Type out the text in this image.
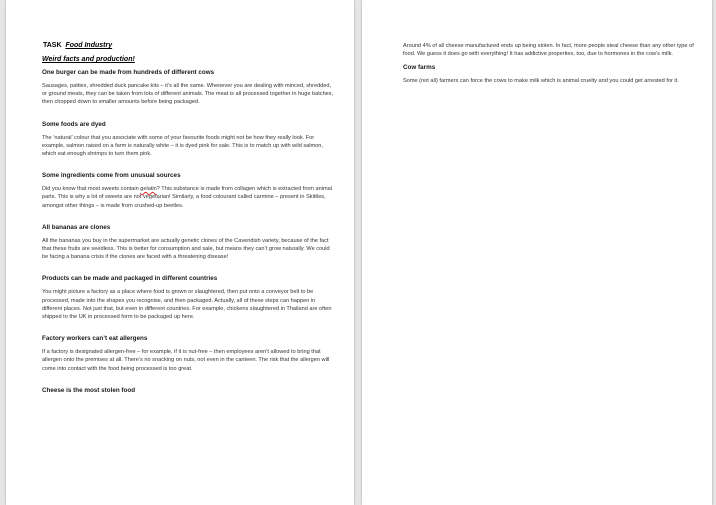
TASK Food Industry

Weird facts and production!

One burger can be made from hundreds of different cows

Sausages, patties, shredded duck pancake kits – it’s all the same. Whenever you are dealing with minced, shredded, or ground meats, they can be taken from lots of different animals. The meat is all processed together in huge batches, then chopped down to smaller amounts before being packaged.

Some foods are dyed

The ‘natural’ colour that you associate with some of your favourite foods might not be how they really look. For example, salmon raised on a farm is naturally white – it is dyed pink for sale. This is to match up with wild salmon, which eat enough shrimps to turn them pink.

Some ingredients come from unusual sources

Did you know that most sweets contain gelatin? This substance is made from collagen which is extracted from animal parts. This is why a lot of sweets are not vegetarian! Similarly, a food colourant called carmine – present in Skittles, amongst other things – is made from crushed-up beetles.

All bananas are clones

All the bananas you buy in the supermarket are actually genetic clones of the Cavendish variety, because of the fact that these fruits are seedless. This is better for consumption and sale, but means they can’t grow naturally. We could be facing a banana crisis if the clones are faced with a threatening disease!

Products can be made and packaged in different countries

You might picture a factory as a place where food is grown or slaughtered, then put onto a conveyor belt to be processed, made into the shapes you recognise, and then packaged. Actually, all of these steps can happen in different places. Not just that, but even in different countries. For example, chickens slaughtered in Thailand are often shipped to the UK in processed form to be packaged up here.

Factory workers can’t eat allergens

If a factory is designated allergen-free – for example, if it is nut-free – then employees aren’t allowed to bring that allergen onto the premises at all. There’s no snacking on nuts, not even in the canteen. The risk that the allergen will come into contact with the food being processed is too great.

Cheese is the most stolen food

Around 4% of all cheese manufactured ends up being stolen. In fact, more people steal cheese than any other type of food. We guess it does go with everything! It has addictive properties, too, due to hormones in the cow’s milk.

Cow farms

Some (not all) farmers can force the cows to make milk which is animal cruelty and you could get arrested for it.
